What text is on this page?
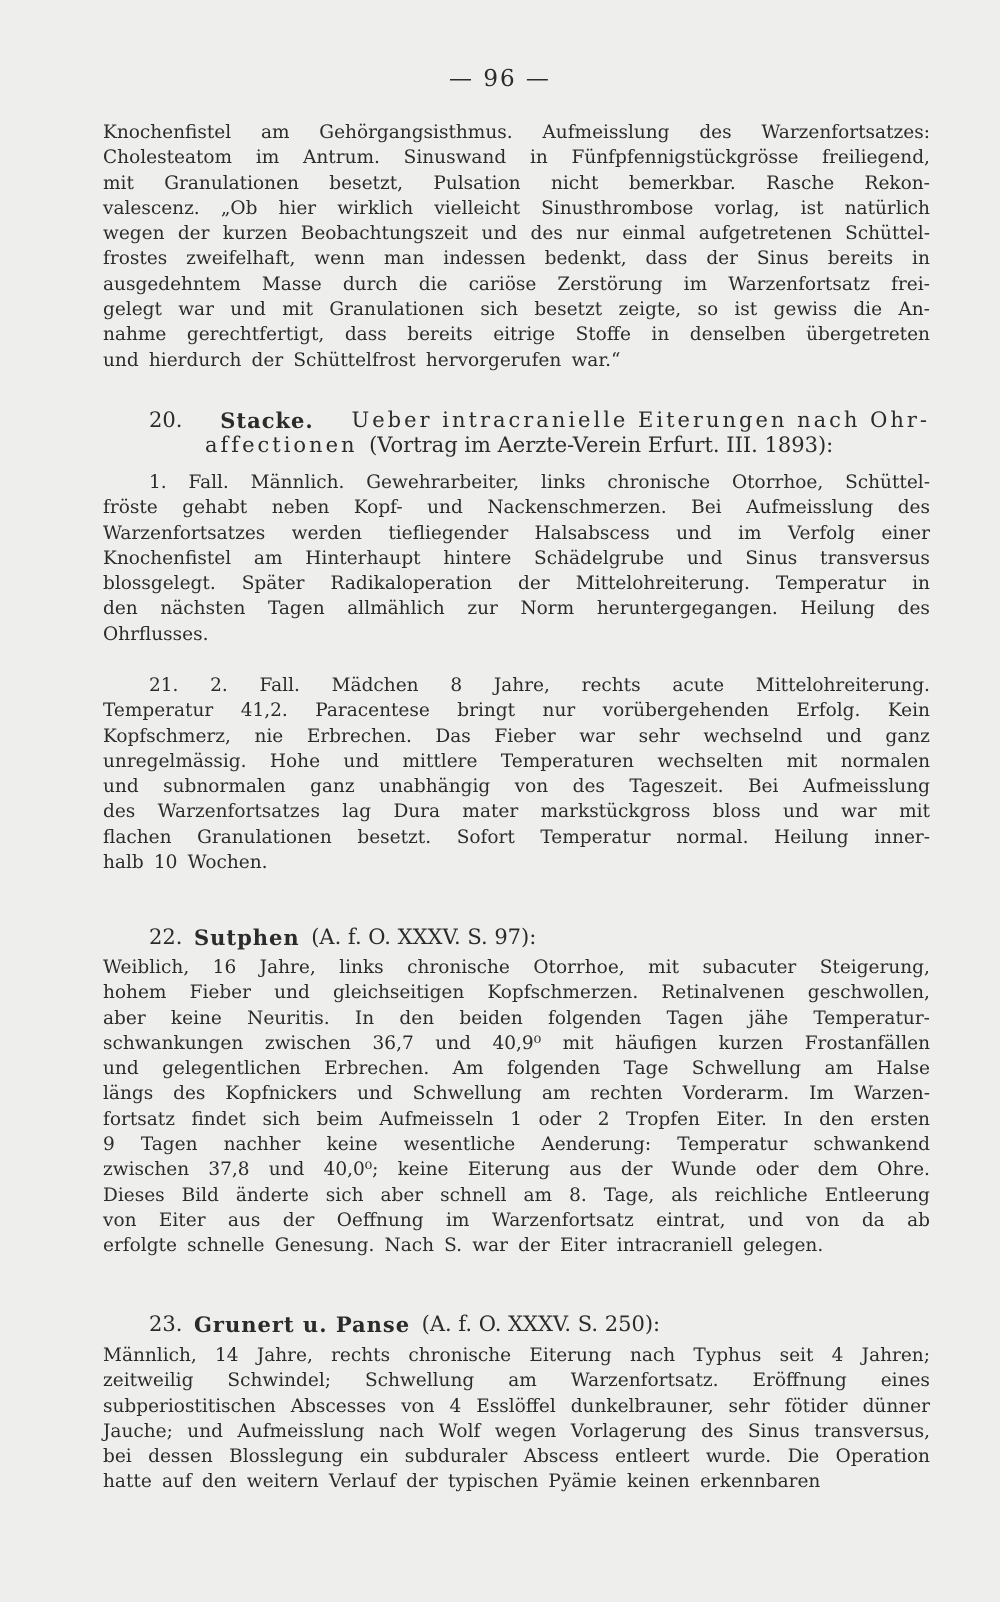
— 96 —
Knochenfistel am Gehörgangsisthmus. Aufmeisslung des Warzenfortsatzes:
Cholesteatom im Antrum. Sinuswand in Fünfpfennigstückgrösse freiliegend,
mit Granulationen besetzt, Pulsation nicht bemerkbar. Rasche Rekon-
valescenz. „Ob hier wirklich vielleicht Sinusthrombose vorlag, ist natürlich
wegen der kurzen Beobachtungszeit und des nur einmal aufgetretenen Schüttel-
frostes zweifelhaft, wenn man indessen bedenkt, dass der Sinus bereits in
ausgedehntem Masse durch die cariöse Zerstörung im Warzenfortsatz frei-
gelegt war und mit Granulationen sich besetzt zeigte, so ist gewiss die An-
nahme gerechtfertigt, dass bereits eitrige Stoffe in denselben übergetreten
und hierdurch der Schüttelfrost hervorgerufen war.“
20. Stacke. Ueber intracranielle Eiterungen nach Ohr-
affectionen (Vortrag im Aerzte-Verein Erfurt. III. 1893):
1. Fall. Männlich. Gewehrarbeiter, links chronische Otorrhoe, Schüttel-
fröste gehabt neben Kopf- und Nackenschmerzen. Bei Aufmeisslung des
Warzenfortsatzes werden tiefliegender Halsabscess und im Verfolg einer
Knochenfistel am Hinterhaupt hintere Schädelgrube und Sinus transversus
blossgelegt. Später Radikaloperation der Mittelohreiterung. Temperatur in
den nächsten Tagen allmählich zur Norm heruntergegangen. Heilung des
Ohrflusses.
21. 2. Fall. Mädchen 8 Jahre, rechts acute Mittelohreiterung.
Temperatur 41,2. Paracentese bringt nur vorübergehenden Erfolg. Kein
Kopfschmerz, nie Erbrechen. Das Fieber war sehr wechselnd und ganz
unregelmässig. Hohe und mittlere Temperaturen wechselten mit normalen
und subnormalen ganz unabhängig von des Tageszeit. Bei Aufmeisslung
des Warzenfortsatzes lag Dura mater markstückgross bloss und war mit
flachen Granulationen besetzt. Sofort Temperatur normal. Heilung inner-
halb 10 Wochen.
22. Sutphen (A. f. O. XXXV. S. 97):
Weiblich, 16 Jahre, links chronische Otorrhoe, mit subacuter Steigerung,
hohem Fieber und gleichseitigen Kopfschmerzen. Retinalvenen geschwollen,
aber keine Neuritis. In den beiden folgenden Tagen jähe Temperatur-
schwankungen zwischen 36,7 und 40,9⁰ mit häufigen kurzen Frostanfällen
und gelegentlichen Erbrechen. Am folgenden Tage Schwellung am Halse
längs des Kopfnickers und Schwellung am rechten Vorderarm. Im Warzen-
fortsatz findet sich beim Aufmeisseln 1 oder 2 Tropfen Eiter. In den ersten
9 Tagen nachher keine wesentliche Aenderung: Temperatur schwankend
zwischen 37,8 und 40,0⁰; keine Eiterung aus der Wunde oder dem Ohre.
Dieses Bild änderte sich aber schnell am 8. Tage, als reichliche Entleerung
von Eiter aus der Oeffnung im Warzenfortsatz eintrat, und von da ab
erfolgte schnelle Genesung. Nach S. war der Eiter intracraniell gelegen.
23. Grunert u. Panse (A. f. O. XXXV. S. 250):
Männlich, 14 Jahre, rechts chronische Eiterung nach Typhus seit 4 Jahren;
zeitweilig Schwindel; Schwellung am Warzenfortsatz. Eröffnung eines
subperiostitischen Abscesses von 4 Esslöffel dunkelbrauner, sehr fötider dünner
Jauche; und Aufmeisslung nach Wolf wegen Vorlagerung des Sinus transversus,
bei dessen Blosslegung ein subduraler Abscess entleert wurde. Die Operation
hatte auf den weitern Verlauf der typischen Pyämie keinen erkennbaren
